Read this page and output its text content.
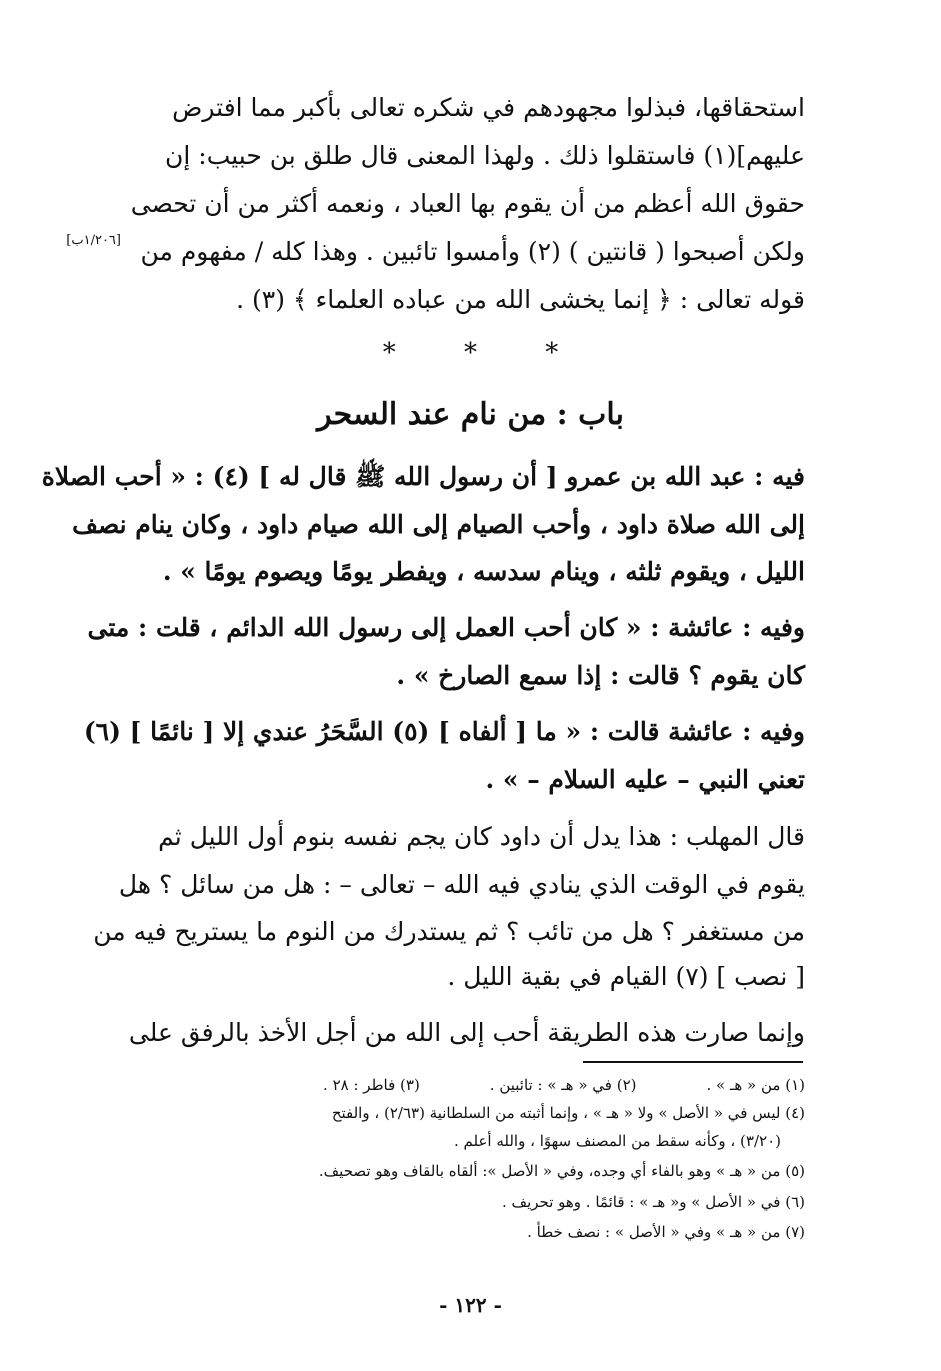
استحقاقها، فبذلوا مجهودهم في شكره تعالى بأكبر مما افترض
عليهم](١) فاستقلوا ذلك . ولهذا المعنى قال طلق بن حبيب: إن
حقوق الله أعظم من أن يقوم بها العباد ، ونعمه أكثر من أن تحصى
ولكن أصبحوا ( قانتين ) (٢) وأمسوا تائبين . وهذا كله / مفهوم من
قوله تعالى : ﴿ إنما يخشى الله من عباده العلماء ﴾ (٣) .
[١/٢٠٦ب]
*	*	*
باب : من نام عند السحر
فيه : عبد الله بن عمرو [ أن رسول الله ﷺ قال له ] (٤) : « أحب الصلاة
إلى الله صلاة داود ، وأحب الصيام إلى الله صيام داود ، وكان ينام نصف
الليل ، ويقوم ثلثه ، وينام سدسه ، ويفطر يومًا ويصوم يومًا » .
وفيه : عائشة : « كان أحب العمل إلى رسول الله الدائم ، قلت : متى
كان يقوم ؟ قالت : إذا سمع الصارخ » .
وفيه : عائشة قالت : « ما [ ألفاه ] (٥) السَّحَرُ عندي إلا [ نائمًا ] (٦)
تعني النبي – عليه السلام – » .
قال المهلب : هذا يدل أن داود كان يجم نفسه بنوم أول الليل ثم
يقوم في الوقت الذي ينادي فيه الله – تعالى – : هل من سائل ؟ هل
من مستغفر ؟ هل من تائب ؟ ثم يستدرك من النوم ما يستريح فيه من
[ نصب ] (٧) القيام في بقية الليل .
وإنما صارت هذه الطريقة أحب إلى الله من أجل الأخذ بالرفق على
(١) من « هـ » .
(٢) في « هـ » : تائبين .
(٣) فاطر : ٢٨ .
(٤) ليس في « الأصل » ولا « هـ » ، وإنما أثبته من السلطانية (٢/٦٣) ، والفتح
(٣/٢٠) ، وكأنه سقط من المصنف سهوًا ، والله أعلم .
(٥) من « هـ » وهو بالفاء أي وجده، وفي « الأصل »: ألقاه بالقاف وهو تصحيف.
(٦) في « الأصل » و« هـ » : قائمًا . وهو تحريف .
(٧) من « هـ » وفي « الأصل » : نصف خطأ .
- ١٢٢ -
